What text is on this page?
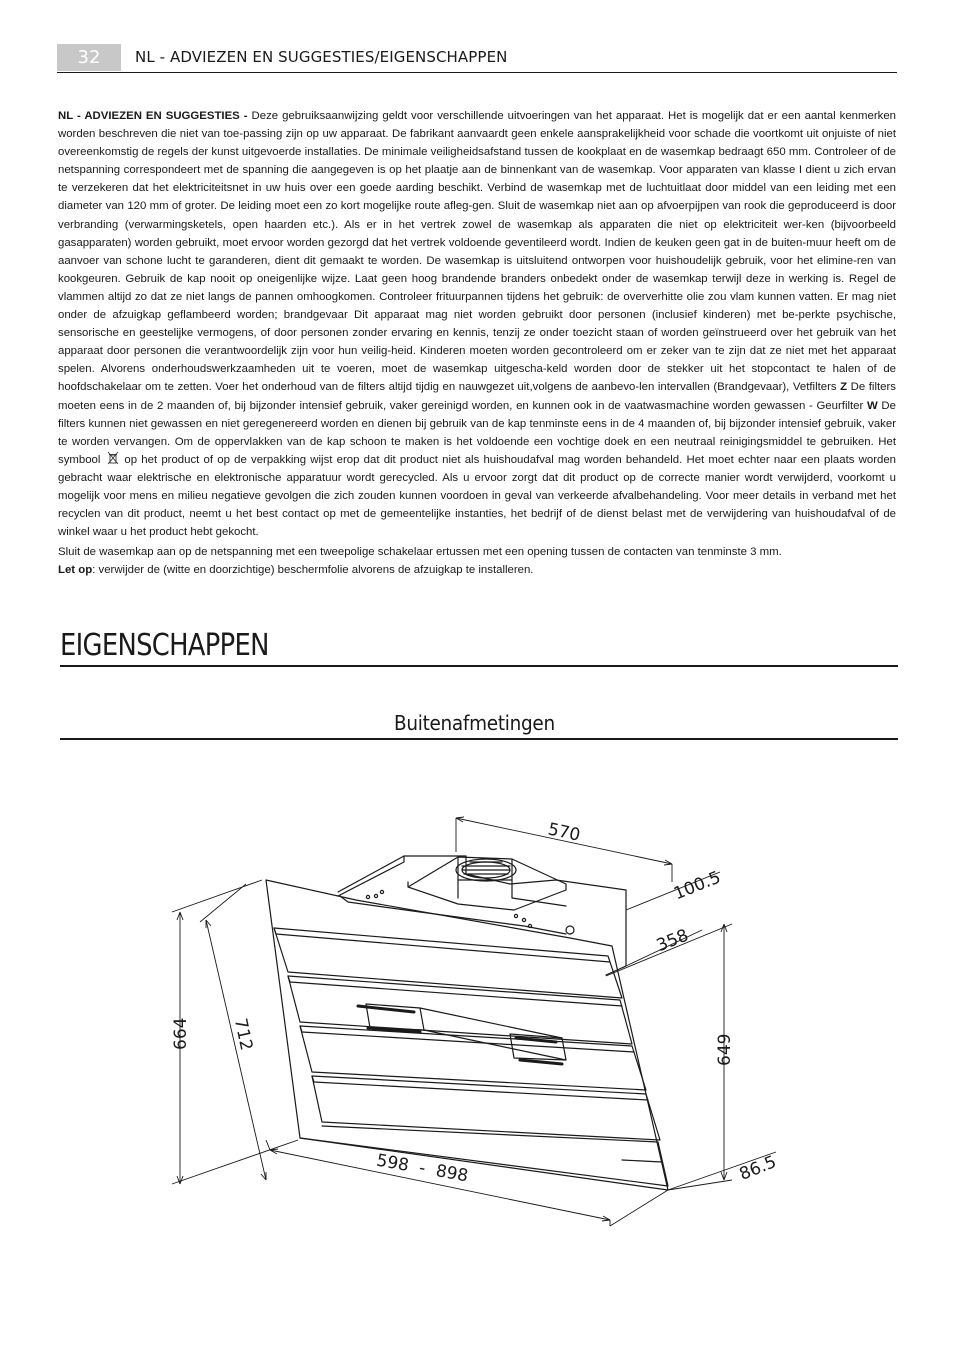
32	NL - ADVIEZEN EN SUGGESTIES/EIGENSCHAPPEN

NL - ADVIEZEN EN SUGGESTIES - Deze gebruiksaanwijzing geldt voor verschillende uitvoeringen van het apparaat. Het is mogelijk dat er een aantal kenmerken worden beschreven die niet van toe-passing zijn op uw apparaat. De fabrikant aanvaardt geen enkele aansprakelijkheid voor schade die voortkomt uit onjuiste of niet overeenkomstig de regels der kunst uitgevoerde installaties. De minimale veiligheidsafstand tussen de kookplaat en de wasemkap bedraagt 650 mm. Controleer of de netspanning correspondeert met de spanning die aangegeven is op het plaatje aan de binnenkant van de wasemkap. Voor apparaten van klasse I dient u zich ervan te verzekeren dat het elektriciteitsnet in uw huis over een goede aarding beschikt. Verbind de wasemkap met de luchtuitlaat door middel van een leiding met een diameter van 120 mm of groter. De leiding moet een zo kort mogelijke route afleg-gen. Sluit de wasemkap niet aan op afvoerpijpen van rook die geproduceerd is door verbranding (verwarmingsketels, open haarden etc.). Als er in het vertrek zowel de wasemkap als apparaten die niet op elektriciteit wer-ken (bijvoorbeeld gasapparaten) worden gebruikt, moet ervoor worden gezorgd dat het vertrek voldoende geventileerd wordt. Indien de keuken geen gat in de buiten-muur heeft om de aanvoer van schone lucht te garanderen, dient dit gemaakt te worden. De wasemkap is uitsluitend ontworpen voor huishoudelijk gebruik, voor het elimine-ren van kookgeuren. Gebruik de kap nooit op oneigenlijke wijze. Laat geen hoog brandende branders onbedekt onder de wasemkap terwijl deze in werking is. Regel de vlammen altijd zo dat ze niet langs de pannen omhoogkomen. Controleer frituurpannen tijdens het gebruik: de oververhitte olie zou vlam kunnen vatten. Er mag niet onder de afzuigkap geflambeerd worden; brandgevaar Dit apparaat mag niet worden gebruikt door personen (inclusief kinderen) met be-perkte psychische, sensorische en geestelijke vermogens, of door personen zonder ervaring en kennis, tenzij ze onder toezicht staan of worden geïnstrueerd over het gebruik van het apparaat door personen die verantwoordelijk zijn voor hun veilig-heid. Kinderen moeten worden gecontroleerd om er zeker van te zijn dat ze niet met het apparaat spelen. Alvorens onderhoudswerkzaamheden uit te voeren, moet de wasemkap uitgescha-keld worden door de stekker uit het stopcontact te halen of de hoofdschakelaar om te zetten. Voer het onderhoud van de filters altijd tijdig en nauwgezet uit,volgens de aanbevo-len intervallen (Brandgevaar), Vetfilters Z De filters moeten eens in de 2 maanden of, bij bijzonder intensief gebruik, vaker gereinigd worden, en kunnen ook in de vaatwasmachine worden gewassen - Geurfilter W De filters kunnen niet gewassen en niet geregenereerd worden en dienen bij gebruik van de kap tenminste eens in de 4 maanden of, bij bijzonder intensief gebruik, vaker te worden vervangen. Om de oppervlakken van de kap schoon te maken is het voldoende een vochtige doek en een neutraal reinigingsmiddel te gebruiken. Het symbool op het product of op de verpakking wijst erop dat dit product niet als huishoudafval mag worden behandeld. Het moet echter naar een plaats worden gebracht waar elektrische en elektronische apparatuur wordt gerecycled. Als u ervoor zorgt dat dit product op de correcte manier wordt verwijderd, voorkomt u mogelijk voor mens en milieu negatieve gevolgen die zich zouden kunnen voordoen in geval van verkeerde afvalbehandeling. Voor meer details in verband met het recyclen van dit product, neemt u het best contact op met de gemeentelijke instanties, het bedrijf of de dienst belast met de verwijdering van huishoudafval of de winkel waar u het product hebt gekocht.

Sluit de wasemkap aan op de netspanning met een tweepolige schakelaar ertussen met een opening tussen de contacten van tenminste 3 mm.

Let op: verwijder de (witte en doorzichtige) beschermfolie alvorens de afzuigkap te installeren.

EIGENSCHAPPEN
Buitenafmetingen
570
100.5
358
664 712	649
598  -  898	86.5
